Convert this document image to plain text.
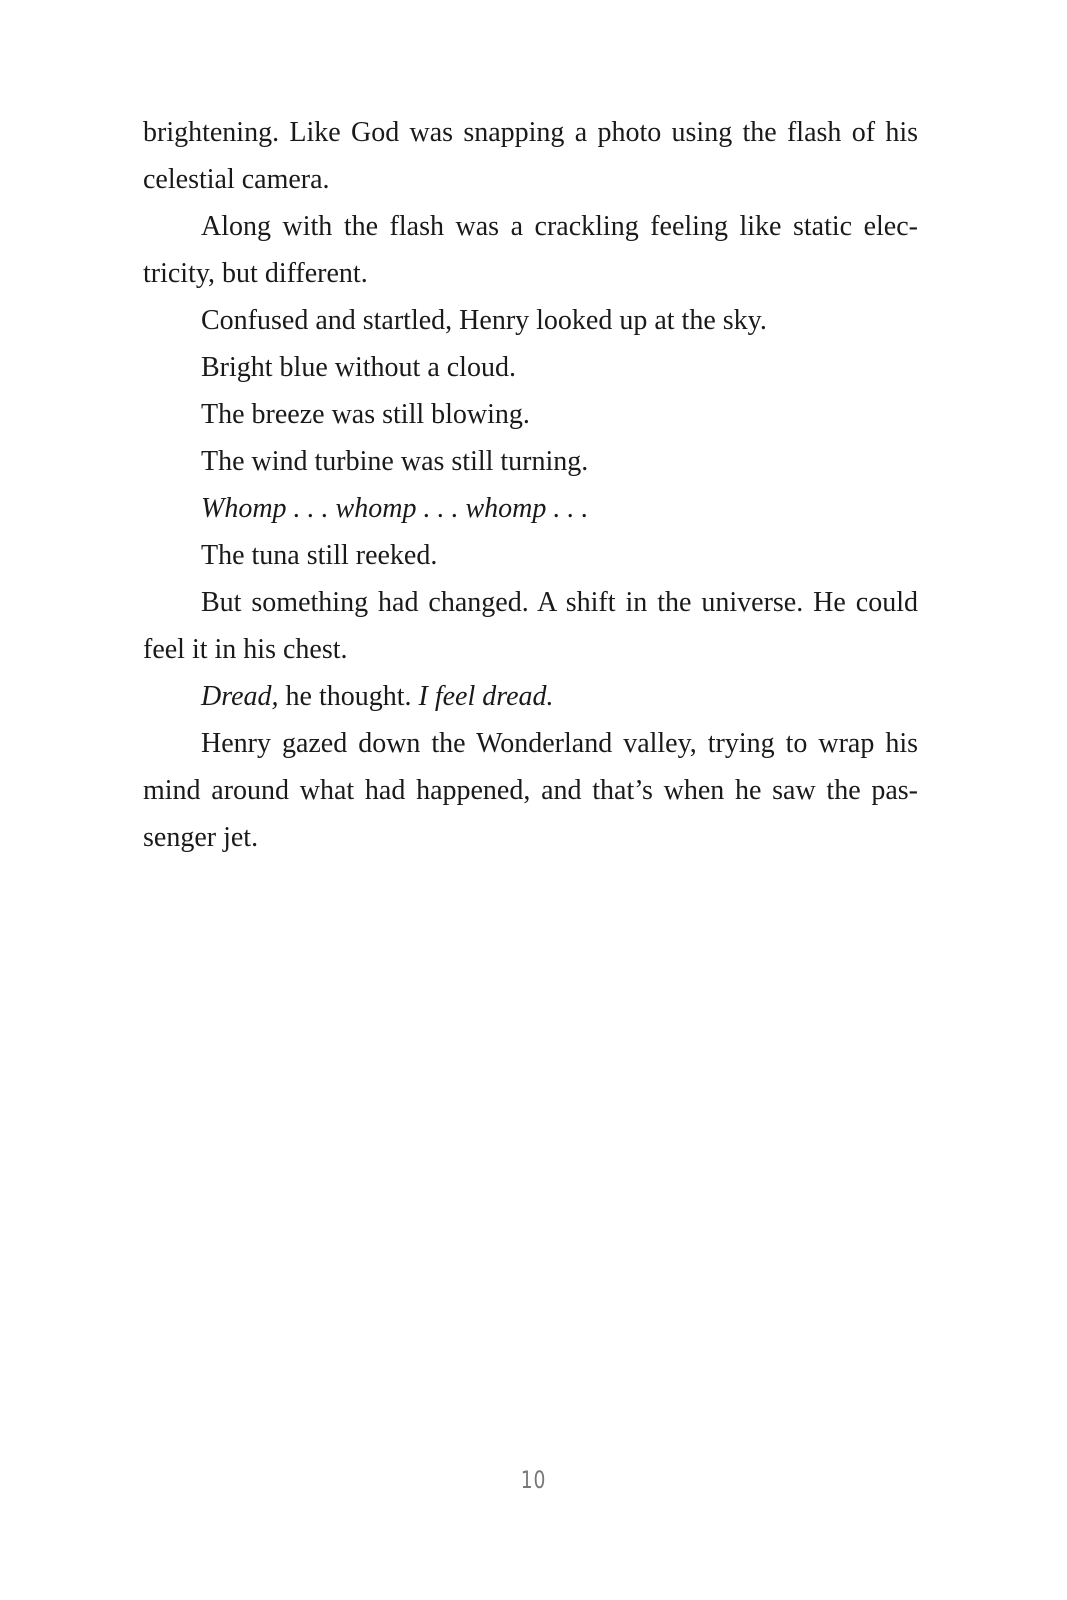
brightening. Like God was snapping a photo using the flash of his
celestial camera.
Along with the flash was a crackling feeling like static elec-
tricity, but different.
Confused and startled, Henry looked up at the sky.
Bright blue without a cloud.
The breeze was still blowing.
The wind turbine was still turning.
Whomp . . . whomp . . . whomp . . .
The tuna still reeked.
But something had changed. A shift in the universe. He could
feel it in his chest.
Dread, he thought. I feel dread.
Henry gazed down the Wonderland valley, trying to wrap his
mind around what had happened, and that’s when he saw the pas-
senger jet.
10
